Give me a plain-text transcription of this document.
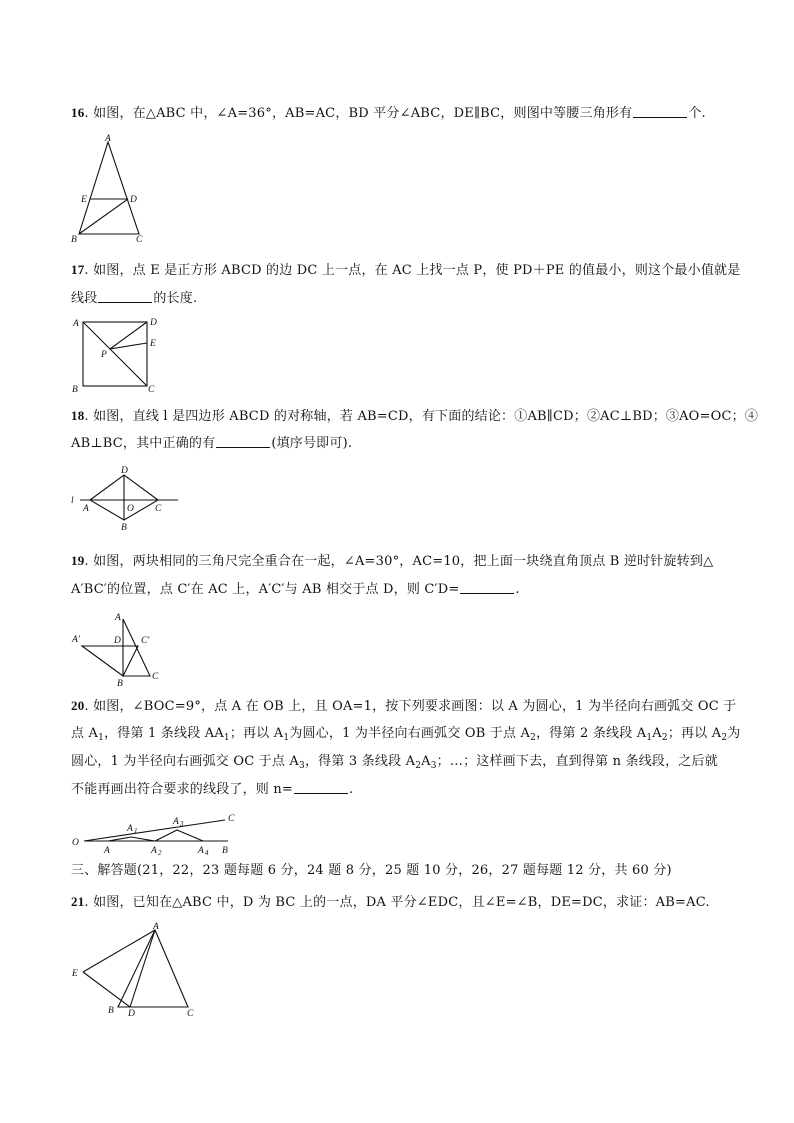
16. 如图，在△ABC 中，∠A=36°，AB=AC，BD 平分∠ABC，DE∥BC，则图中等腰三角形有	个.
A
E	D
B	C
17. 如图，点 E 是正方形 ABCD 的边 DC 上一点，在 AC 上找一点 P，使 PD＋PE 的值最小，则这个最小值就是
线段	的长度.
A	D
E
P
B	C
18. 如图，直线 l 是四边形 ABCD 的对称轴，若 AB=CD，有下面的结论：①AB∥CD；②AC⊥BD；③AO=OC；④
AB⊥BC，其中正确的有	(填序号即可).
l
D
A	O C
B
19. 如图，两块相同的三角尺完全重合在一起，∠A=30°，AC=10，把上面一块绕直角顶点 B 逆时针旋转到△
A′BC′的位置，点 C′在 AC 上，A′C′与 AB 相交于点 D，则 C′D=	.
A
A′	D C′
B
C
20. 如图，∠BOC=9°，点 A 在 OB 上，且 OA=1，按下列要求画图：以 A 为圆心，1 为半径向右画弧交 OC 于
点 $A_1$，得第 1 条线段 $AA_1$；再以 $A_1$为圆心，1 为半径向右画弧交 OB 于点 $A_2$，得第 2 条线段 $A_1A_2$；再以 $A_2$为
圆心，1 为半径向右画弧交 OC 于点 $A_3$，得第 3 条线段 $A_2A_3$；…；这样画下去，直到得第 n 条线段，之后就
不能再画出符合要求的线段了，则 n=	.
O
A
A 1
A 2
A 3
A 4 B
C
三、解答题(21，22，23 题每题 6 分，24 题 8 分，25 题 10 分，26，27 题每题 12 分，共 60 分)
21. 如图，已知在△ABC 中，D 为 BC 上的一点，DA 平分∠EDC，且∠E=∠B，DE=DC，求证：AB=AC.
A
E
B D	C
